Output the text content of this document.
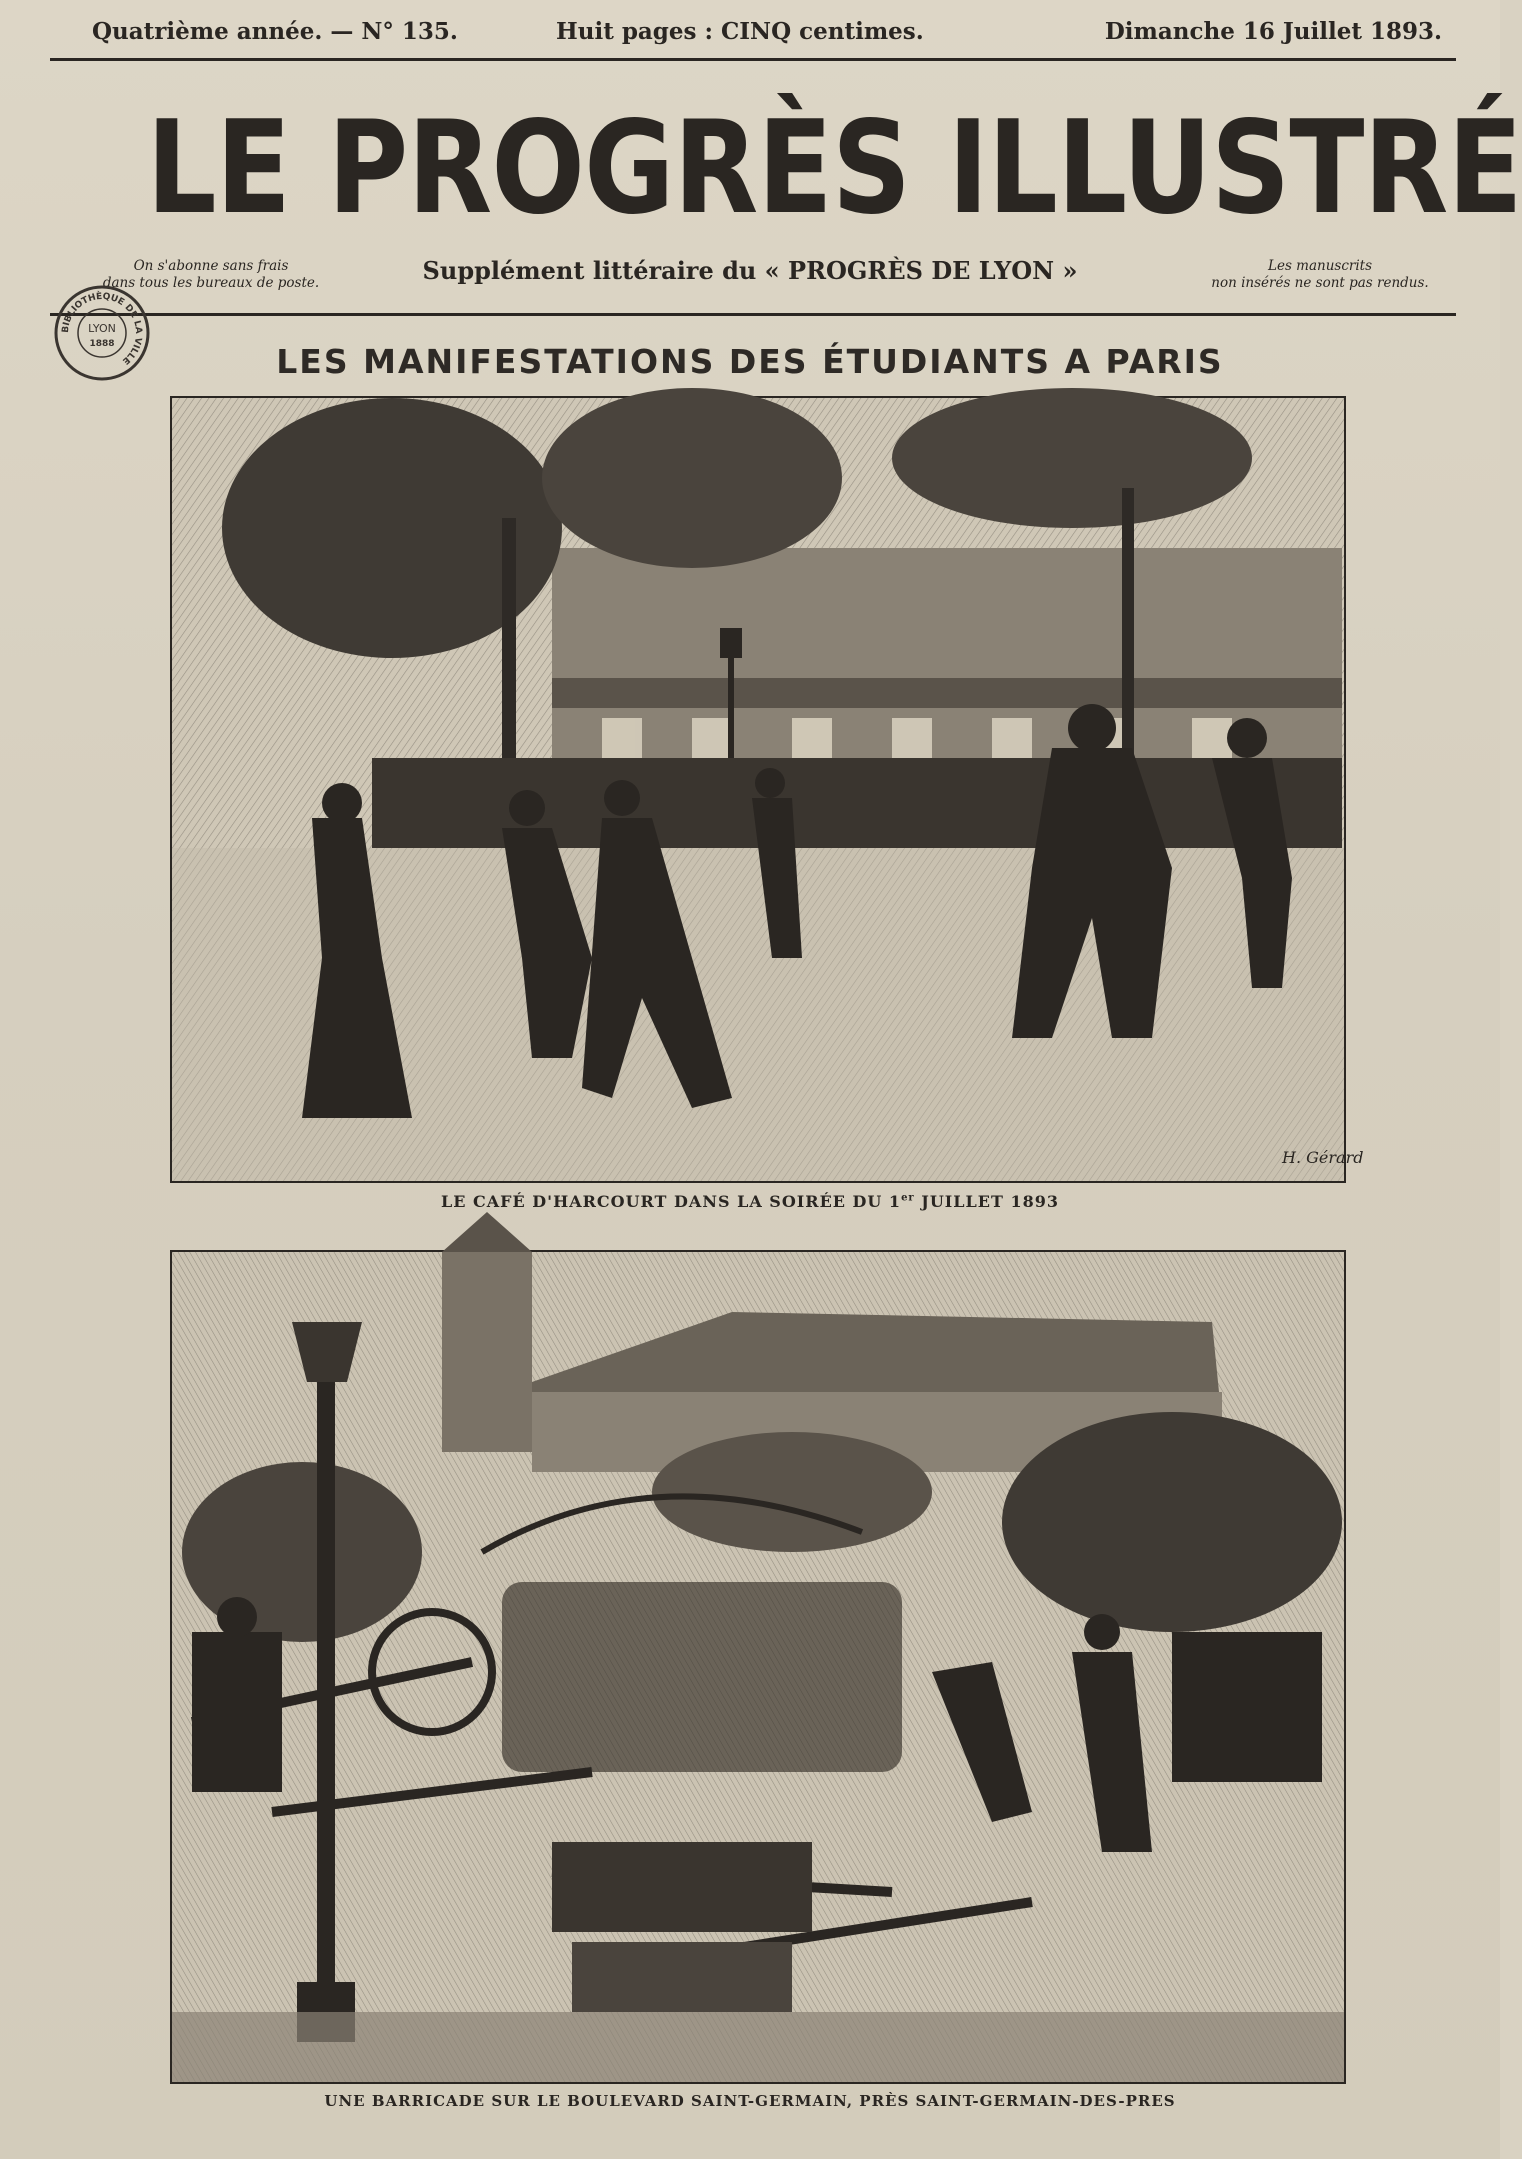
Quatrième année. — N° 135.	Huit pages : CINQ centimes.	Dimanche 16 Juillet 1893.
LE PROGRÈS ILLUSTRÉ
On s'abonne sans frais
dans tous les bureaux de poste.	Supplément littéraire du « PROGRÈS DE LYON »	Les manuscrits
non insérés ne sont pas rendus.
BIBLIOTHÈQUE DE LA VILLE
LYON
1888	LES MANIFESTATIONS DES ÉTUDIANTS A PARIS
H. Gérard
LE CAFÉ D'HARCOURT DANS LA SOIRÉE DU 1er JUILLET 1893
UNE BARRICADE SUR LE BOULEVARD SAINT-GERMAIN, PRÈS SAINT-GERMAIN-DES-PRES
